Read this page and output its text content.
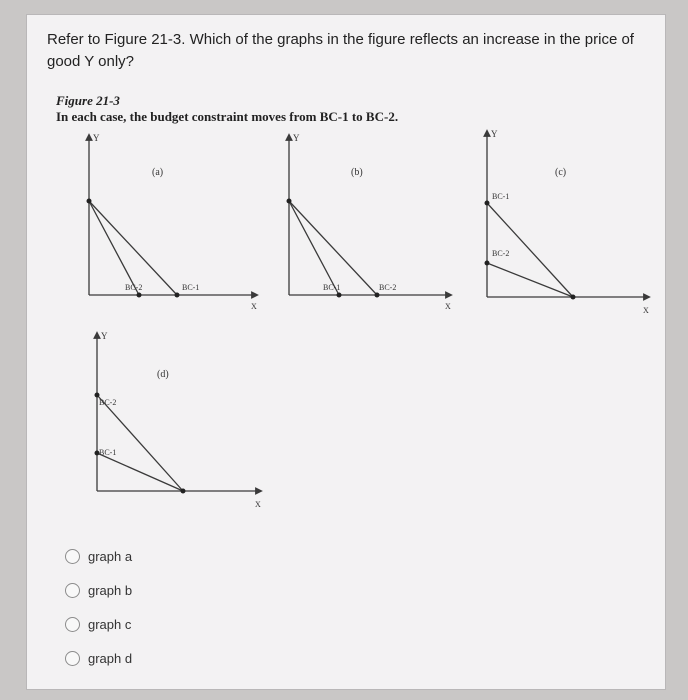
Refer to Figure 21-3. Which of the graphs in the figure reflects an increase in the price of good Y only?
Figure 21-3
In each case, the budget constraint moves from BC-1 to BC-2.
Y
X
(a)
BC-2	BC-1
Y
X
(b)
BC-1	BC-2
Y
X
(c)
BC-1
BC-2
Y
X
(d)
BC-2
BC-1
graph a
graph b
graph c
graph d
